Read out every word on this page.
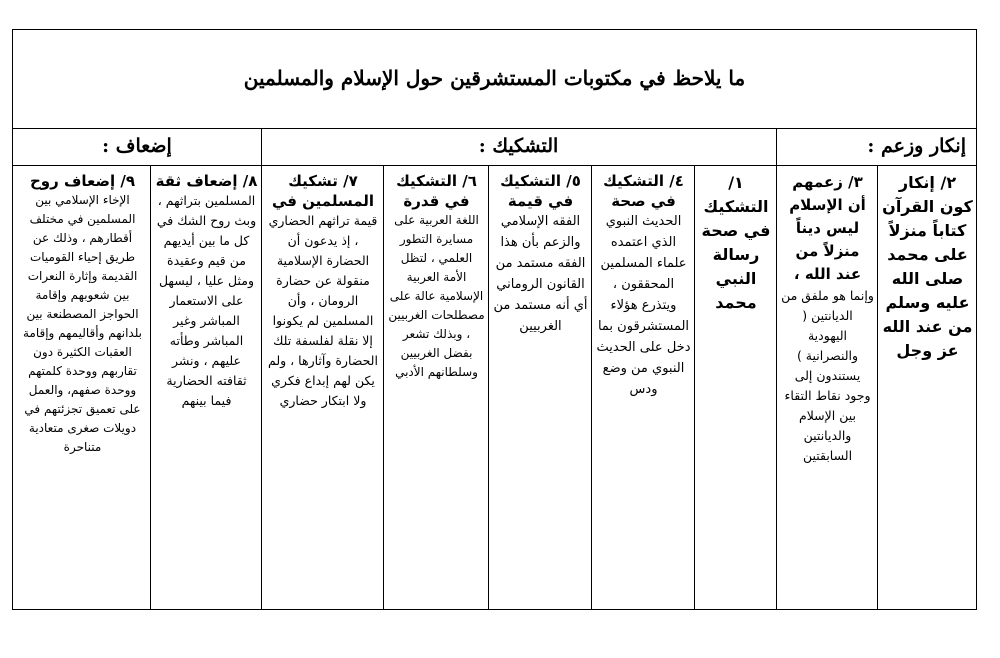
ما يلاحظ في مكتوبات المستشرقين حول الإسلام والمسلمين
إنكار وزعم :
التشكيك :
إضعاف :
٢/ إنكار كون القرآن
كتاباً منزلاً على محمد صلى الله عليه وسلم من عند الله عز وجل
٣/ زعمهم أن الإسلام ليس ديناً منزلاً من عند الله ،
وإنما هو ملفق من الديانتين ( اليهودية والنصرانية ) يستندون إلى وجود نقاط التقاء بين الإسلام والديانتين السابقتين
١/ التشكيك في صحة
رسالة النبي محمد
٤/ التشكيك في صحة
الحديث النبوي الذي اعتمده علماء المسلمين المحققون ، ويتذرع هؤلاء المستشرقون بما دخل على الحديث النبوي من وضع ودس
٥/ التشكيك في قيمة
الفقه الإسلامي والزعم بأن هذا الفقه مستمد من القانون الروماني أي أنه مستمد من الغربيين
٦/ التشكيك في قدرة
اللغة العربية على مسايرة التطور العلمي ، لتظل الأمة العربية الإسلامية عالة على مصطلحات الغربيين ، وبذلك تشعر بفضل الغربيين وسلطانهم الأدبي
٧/ تشكيك المسلمين في
قيمة تراثهم الحضاري ، إذ يدعون أن الحضارة الإسلامية منقولة عن حضارة الرومان ، وأن المسلمين لم يكونوا إلا نقلة لفلسفة تلك الحضارة وآثارها ، ولم يكن لهم إبداع فكري ولا ابتكار حضاري
٨/ إضعاف ثقة
المسلمين بتراثهم ، وبث روح الشك في كل ما بين أيديهم من قيم وعقيدة ومثل عليا ، ليسهل على الاستعمار المباشر وغير المباشر وطأته عليهم ، ونشر ثقافته الحضارية فيما بينهم
٩/ إضعاف روح
الإخاء الإسلامي بين المسلمين في مختلف أقطارهم ، وذلك عن طريق إحياء القوميات القديمة وإثارة النعرات بين شعوبهم وإقامة الحواجز المصطنعة بين بلدانهم وأقاليمهم وإقامة العقبات الكثيرة دون تقاربهم ووحدة كلمتهم ووحدة صفهم، والعمل على تعميق تجزئتهم في دويلات صغرى متعادية متناحرة
